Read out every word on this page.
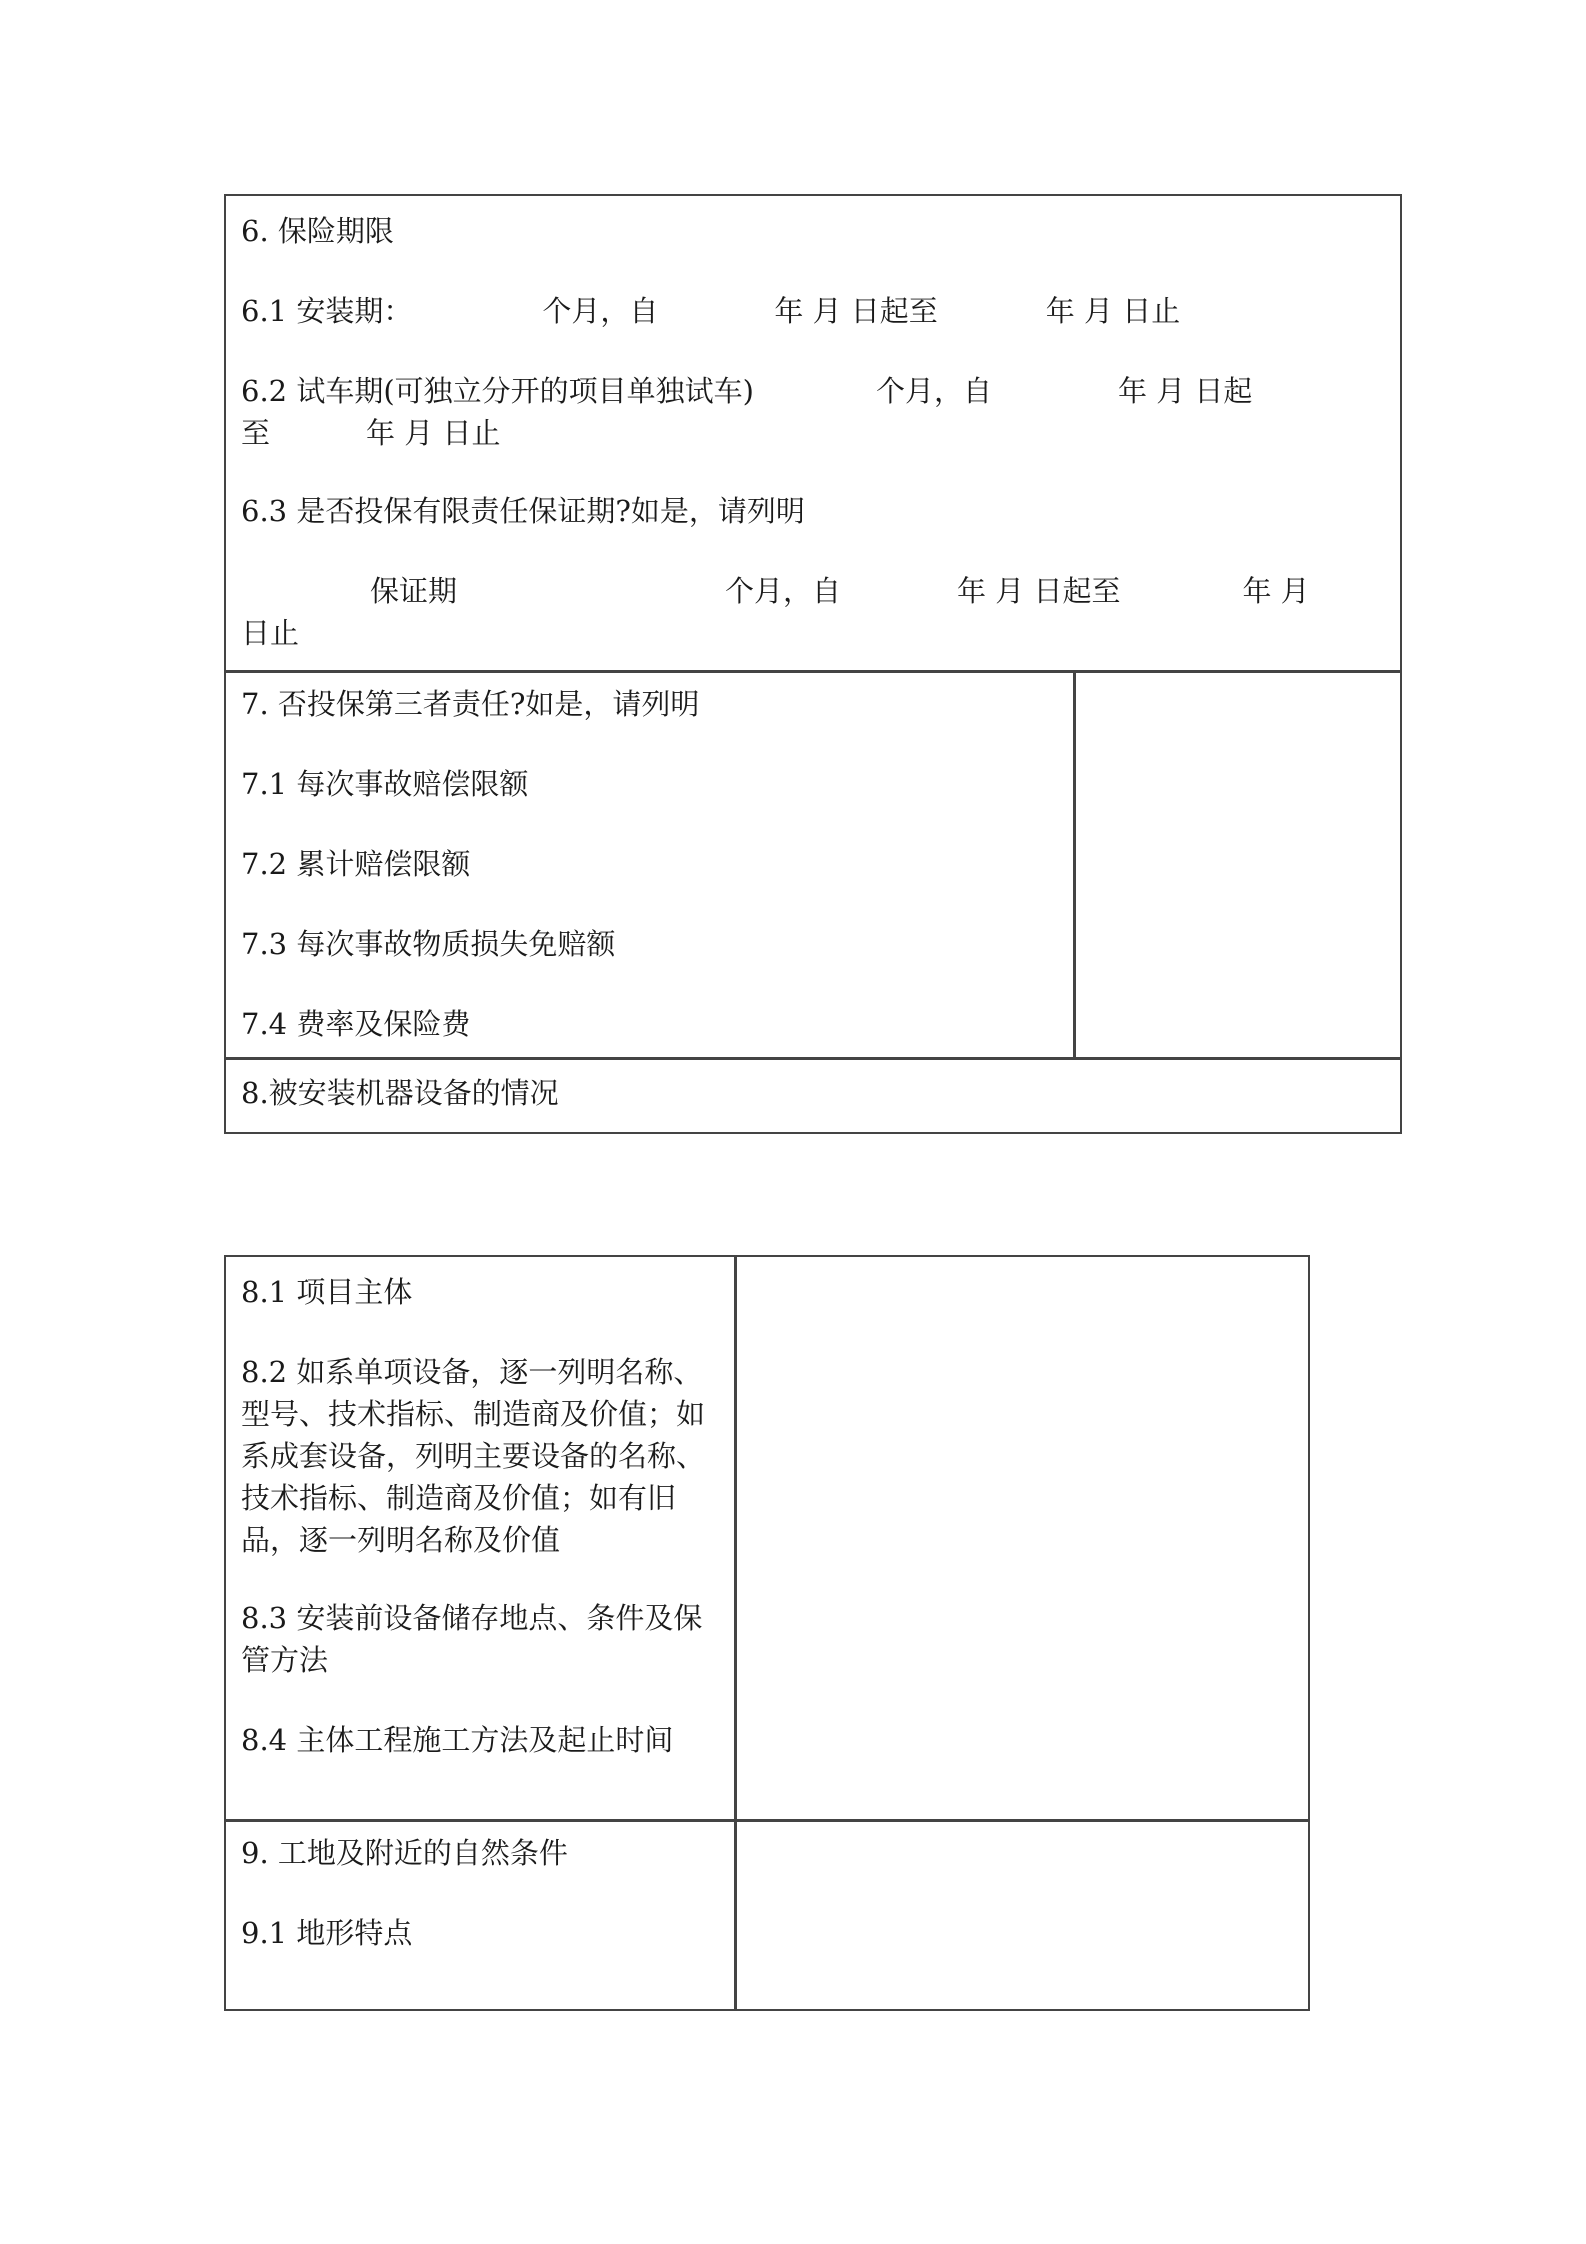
6. 保险期限
6.1 安装期：	个月，自	年 月 日起至	年 月 日止
6.2 试车期(可独立分开的项目单独试车)	个月，自	年 月 日起
至	年 月 日止
6.3 是否投保有限责任保证期?如是，请列明
保证期	个月，自	年 月 日起至	年 月
日止
7. 否投保第三者责任?如是，请列明
7.1 每次事故赔偿限额
7.2 累计赔偿限额
7.3 每次事故物质损失免赔额
7.4 费率及保险费
8.被安装机器设备的情况
8.1 项目主体
8.2 如系单项设备，逐一列明名称、型号、技术指标、制造商及价值；如系成套设备，列明主要设备的名称、技术指标、制造商及价值；如有旧品，逐一列明名称及价值
8.3 安装前设备储存地点、条件及保管方法
8.4 主体工程施工方法及起止时间
9. 工地及附近的自然条件
9.1 地形特点
